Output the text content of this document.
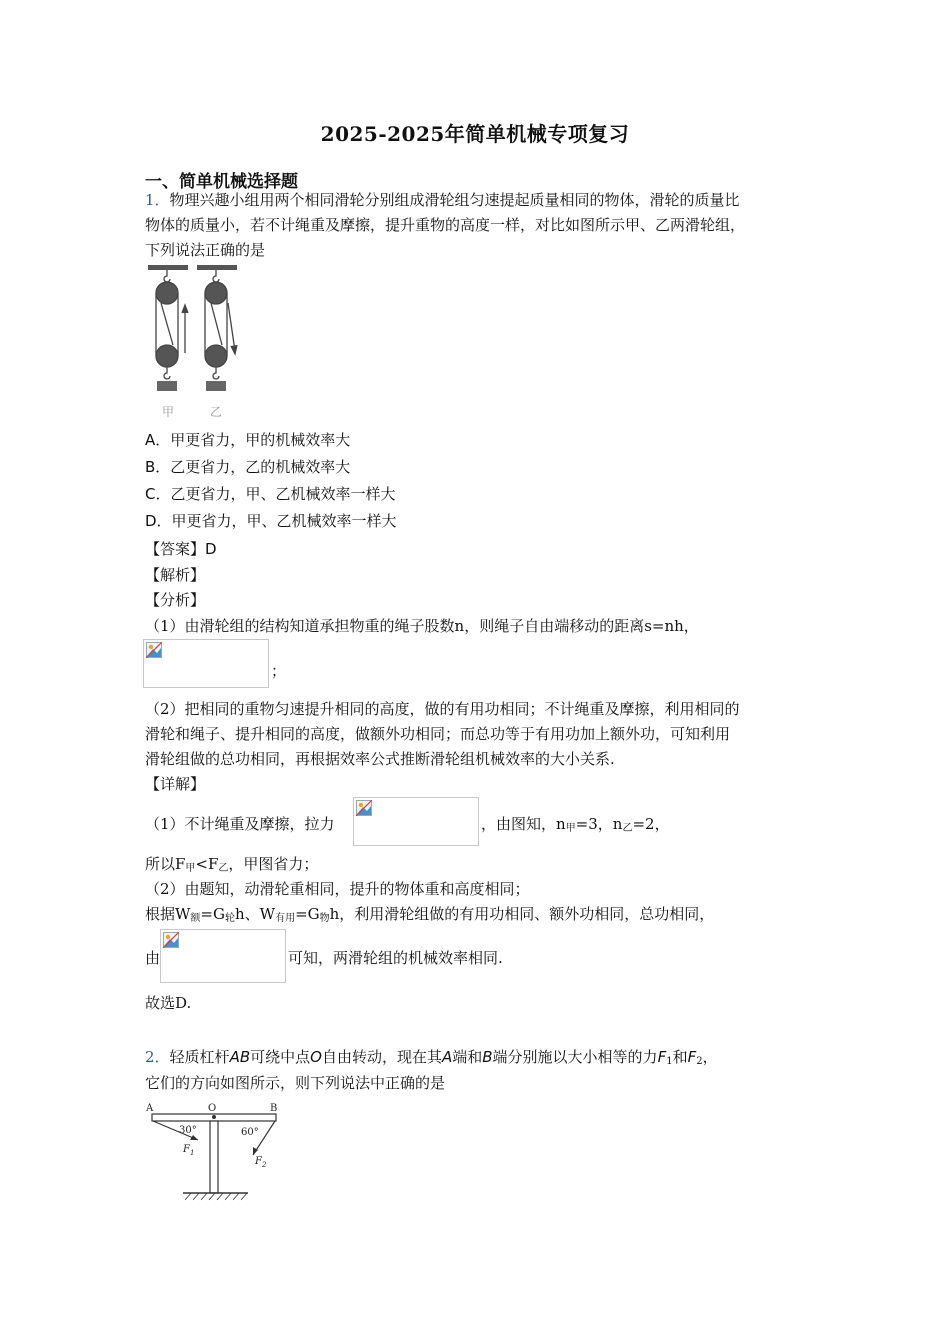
2025-2025年简单机械专项复习
一、简单机械选择题
1．物理兴趣小组用两个相同滑轮分别组成滑轮组匀速提起质量相同的物体，滑轮的质量比
物体的质量小，若不计绳重及摩擦，提升重物的高度一样，对比如图所示甲、乙两滑轮组，
下列说法正确的是
甲	乙
A．甲更省力，甲的机械效率大
B．乙更省力，乙的机械效率大
C．乙更省力，甲、乙机械效率一样大
D．甲更省力，甲、乙机械效率一样大
【答案】D
【解析】
【分析】
（1）由滑轮组的结构知道承担物重的绳子股数n，则绳子自由端移动的距离s=nh，
；
（2）把相同的重物匀速提升相同的高度，做的有用功相同；不计绳重及摩擦，利用相同的
滑轮和绳子、提升相同的高度，做额外功相同；而总功等于有用功加上额外功，可知利用
滑轮组做的总功相同，再根据效率公式推断滑轮组机械效率的大小关系.
【详解】
（1）不计绳重及摩擦，拉力	，由图知，$n_甲=3$，$n_乙=2$，
所以$F_甲<F_乙$，甲图省力；
（2）由题知，动滑轮重相同，提升的物体重和高度相同；
根据$W_额=G_轮h$、$W_{有用}=G_物h$，利用滑轮组做的有用功相同、额外功相同，总功相同，
由	可知，两滑轮组的机械效率相同.
故选D.
2．轻质杠杆AB可绕中点O自由转动，现在其A端和B端分别施以大小相等的力$F_1$和$F_2$，
它们的方向如图所示，则下列说法中正确的是
A	O	B
30°
$F_1$
60°
$F_2$
